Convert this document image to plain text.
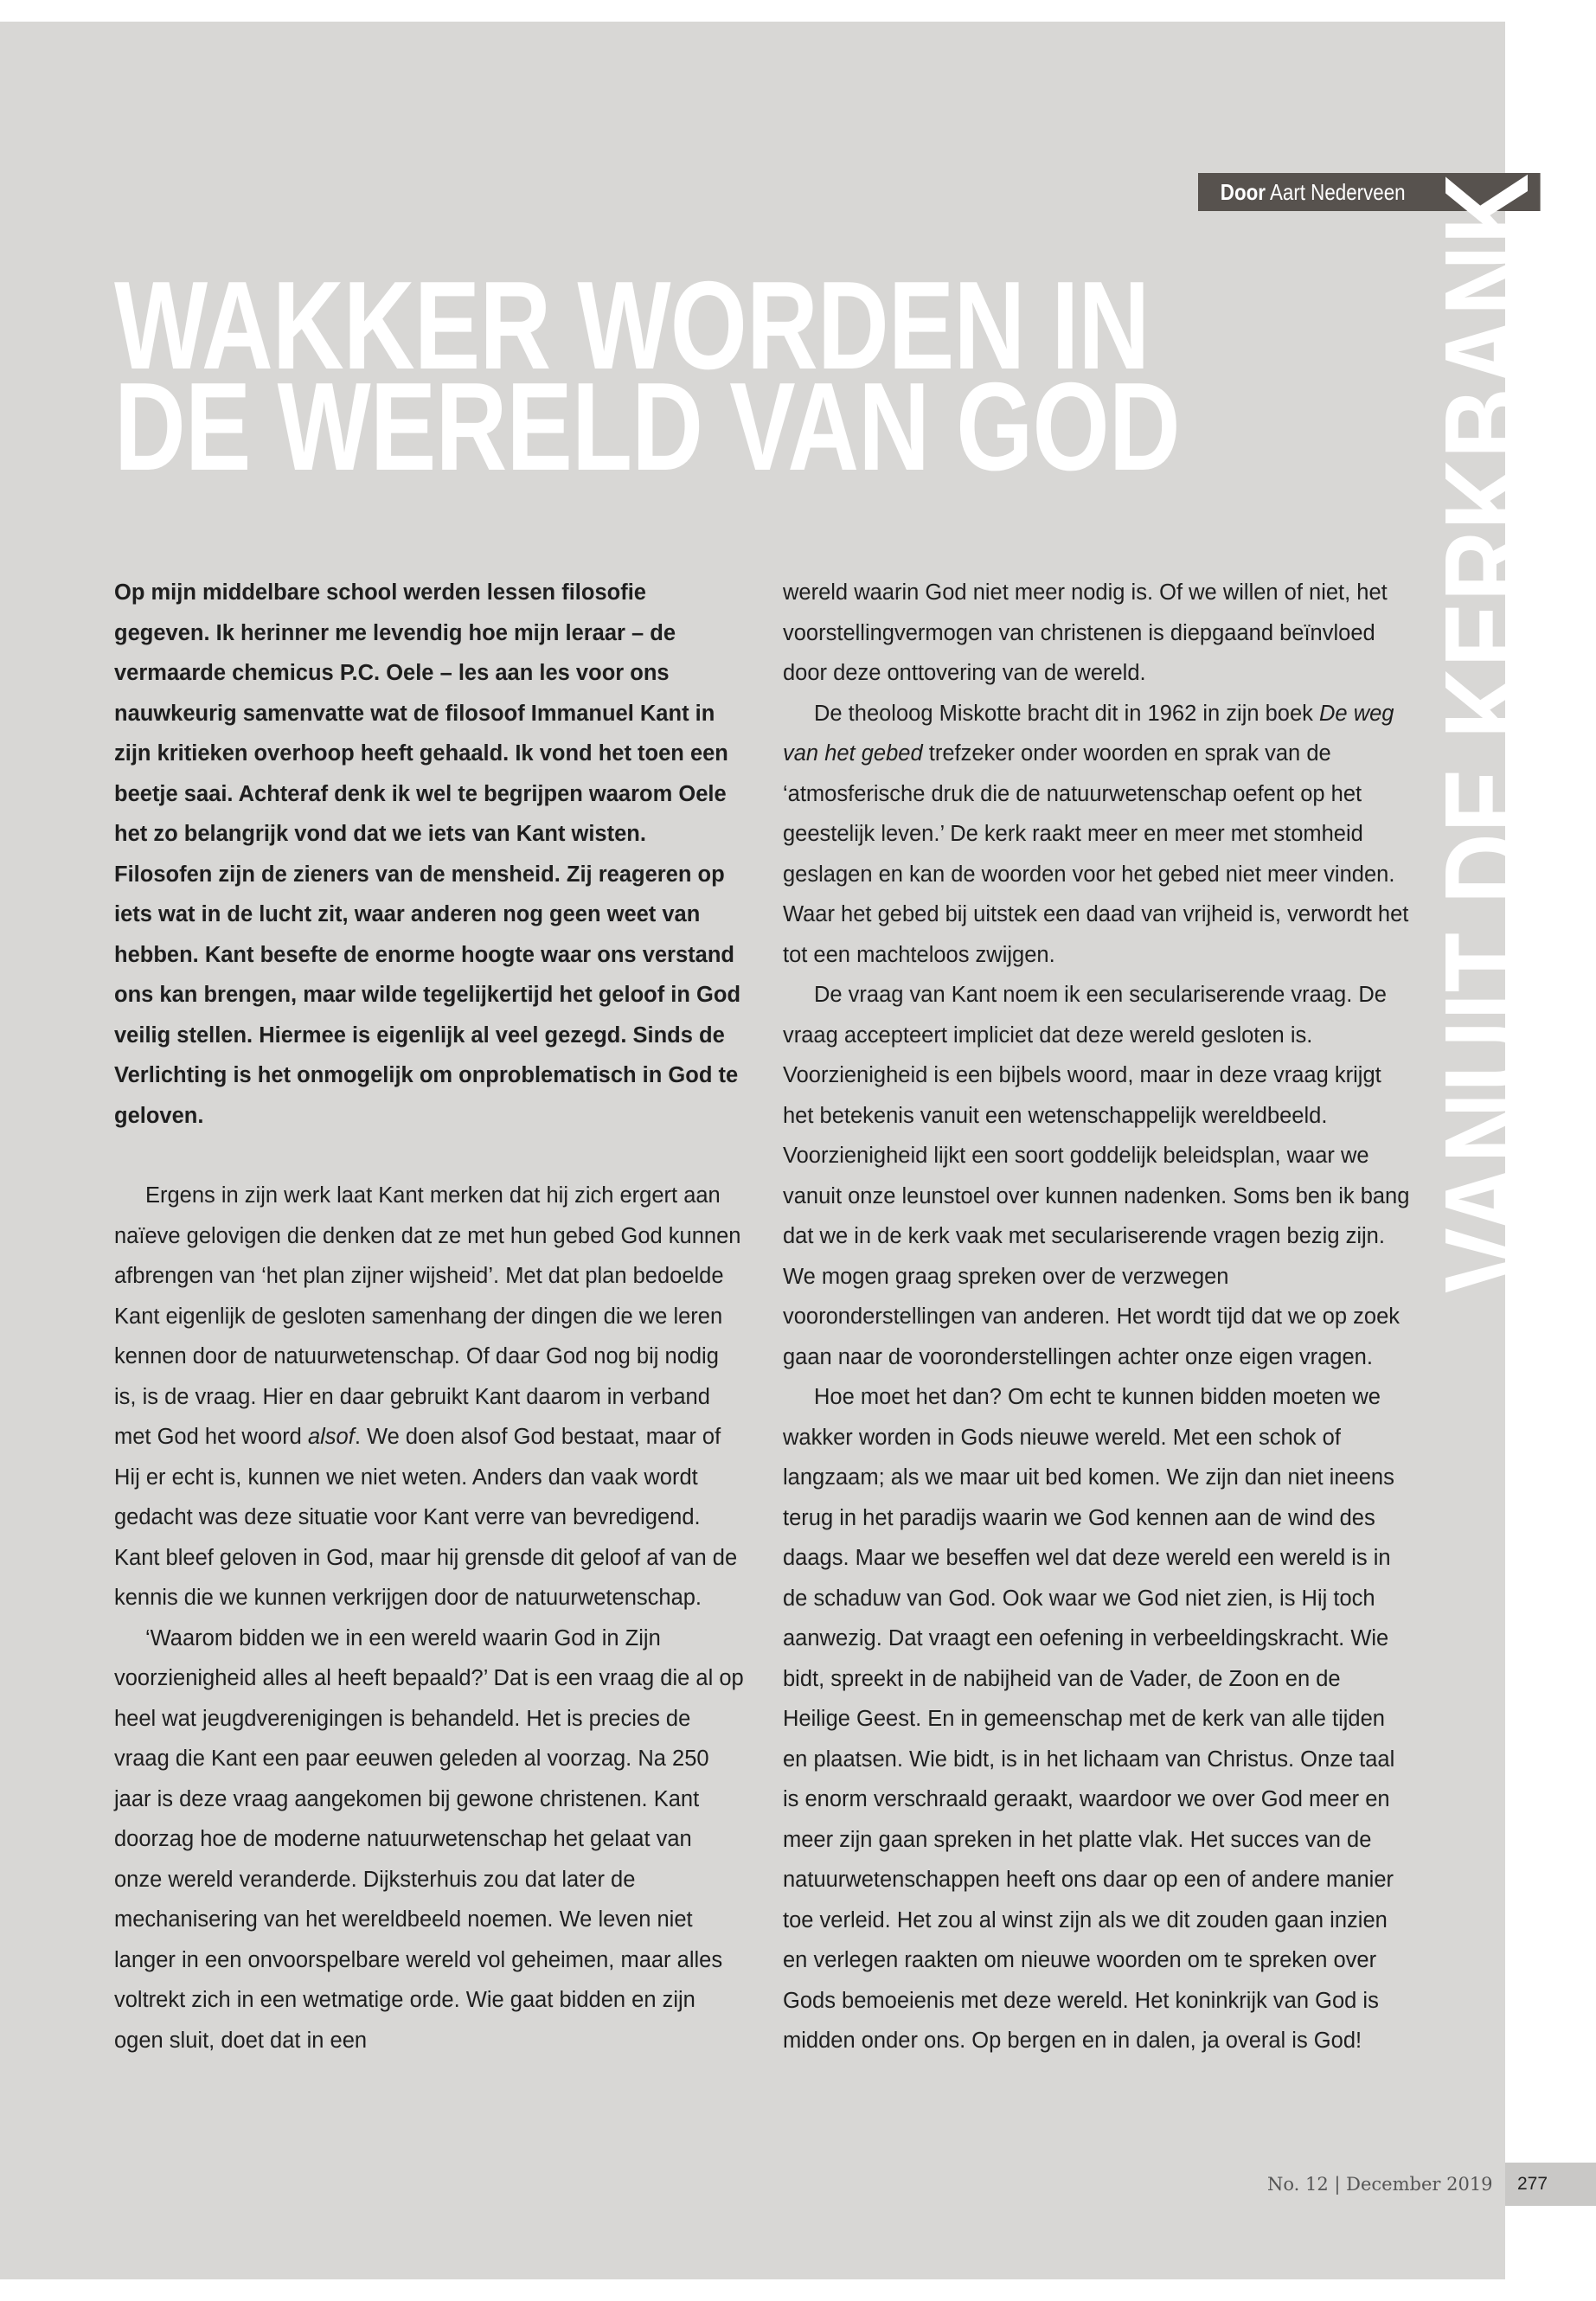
Door Aart Nederveen
WAKKER WORDEN IN
DE WERELD VAN GOD VANUIT DE KERKBANK

Op mijn middelbare school werden lessen filosofie gegeven. Ik herinner me levendig hoe mijn leraar – de vermaarde chemicus P.C. Oele – les aan les voor ons nauwkeurig samenvatte wat de filosoof Immanuel Kant in zijn kritieken overhoop heeft gehaald. Ik vond het toen een beetje saai. Achteraf denk ik wel te begrijpen waarom Oele het zo belangrijk vond dat we iets van Kant wisten. Filosofen zijn de zieners van de mensheid. Zij reageren op iets wat in de lucht zit, waar anderen nog geen weet van hebben. Kant besefte de enorme hoogte waar ons verstand ons kan brengen, maar wilde tegelijkertijd het geloof in God veilig stellen. Hiermee is eigenlijk al veel gezegd. Sinds de Verlichting is het onmogelijk om onproblematisch in God te geloven.

Ergens in zijn werk laat Kant merken dat hij zich ergert aan naïeve gelovigen die denken dat ze met hun gebed God kunnen afbrengen van ‘het plan zijner wijsheid’. Met dat plan bedoelde Kant eigenlijk de gesloten samenhang der dingen die we leren kennen door de natuurwetenschap. Of daar God nog bij nodig is, is de vraag. Hier en daar gebruikt Kant daarom in verband met God het woord alsof. We doen alsof God bestaat, maar of Hij er echt is, kunnen we niet weten. Anders dan vaak wordt gedacht was deze situatie voor Kant verre van bevredigend. Kant bleef geloven in God, maar hij grensde dit geloof af van de kennis die we kunnen verkrijgen door de natuurwetenschap.

‘Waarom bidden we in een wereld waarin God in Zijn voorzienigheid alles al heeft bepaald?’ Dat is een vraag die al op heel wat jeugdverenigingen is behandeld. Het is precies de vraag die Kant een paar eeuwen geleden al voorzag. Na 250 jaar is deze vraag aangekomen bij gewone christenen. Kant doorzag hoe de moderne natuurwetenschap het gelaat van onze wereld veranderde. Dijksterhuis zou dat later de mechanisering van het wereldbeeld noemen. We leven niet langer in een onvoorspelbare wereld vol geheimen, maar alles voltrekt zich in een wetmatige orde. Wie gaat bidden en zijn ogen sluit, doet dat in een

wereld waarin God niet meer nodig is. Of we willen of niet, het voorstellingvermogen van christenen is diepgaand beïnvloed door deze onttovering van de wereld.

De theoloog Miskotte bracht dit in 1962 in zijn boek De weg van het gebed trefzeker onder woorden en sprak van de ‘atmosferische druk die de natuurwetenschap oefent op het geestelijk leven.’ De kerk raakt meer en meer met stomheid geslagen en kan de woorden voor het gebed niet meer vinden. Waar het gebed bij uitstek een daad van vrijheid is, verwordt het tot een machteloos zwijgen.

De vraag van Kant noem ik een seculariserende vraag. De vraag accepteert impliciet dat deze wereld gesloten is. Voorzienigheid is een bijbels woord, maar in deze vraag krijgt het betekenis vanuit een wetenschappelijk wereldbeeld. Voorzienigheid lijkt een soort goddelijk beleidsplan, waar we vanuit onze leunstoel over kunnen nadenken. Soms ben ik bang dat we in de kerk vaak met seculariserende vragen bezig zijn. We mogen graag spreken over de verzwegen vooronderstellingen van anderen. Het wordt tijd dat we op zoek gaan naar de vooronderstellingen achter onze eigen vragen.

Hoe moet het dan? Om echt te kunnen bidden moeten we wakker worden in Gods nieuwe wereld. Met een schok of langzaam; als we maar uit bed komen. We zijn dan niet ineens terug in het paradijs waarin we God kennen aan de wind des daags. Maar we beseffen wel dat deze wereld een wereld is in de schaduw van God. Ook waar we God niet zien, is Hij toch aanwezig. Dat vraagt een oefening in verbeeldingskracht. Wie bidt, spreekt in de nabijheid van de Vader, de Zoon en de Heilige Geest. En in gemeenschap met de kerk van alle tijden en plaatsen. Wie bidt, is in het lichaam van Christus. Onze taal is enorm verschraald geraakt, waardoor we over God meer en meer zijn gaan spreken in het platte vlak. Het succes van de natuurwetenschappen heeft ons daar op een of andere manier toe verleid. Het zou al winst zijn als we dit zouden gaan inzien en verlegen raakten om nieuwe woorden om te spreken over Gods bemoeienis met deze wereld. Het koninkrijk van God is midden onder ons. Op bergen en in dalen, ja overal is God!

No. 12 | December 2019	277
